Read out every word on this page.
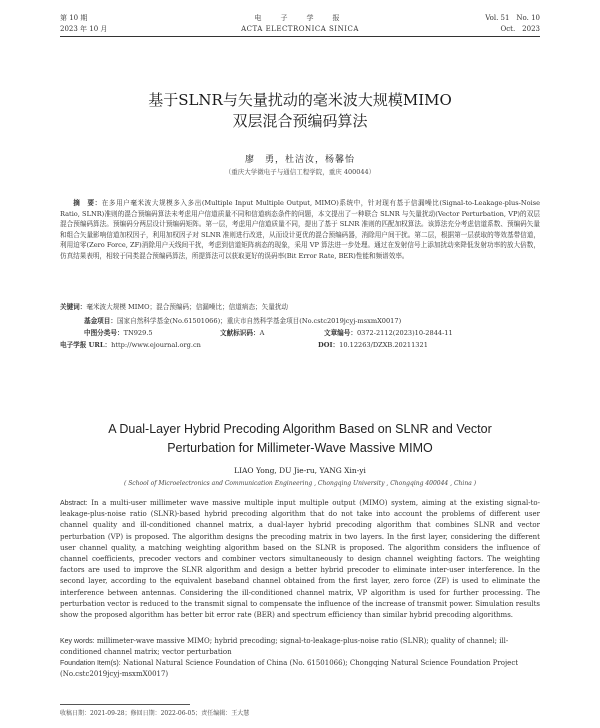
第 10 期	电　子　学　报	Vol. 51　No. 10
2023 年 10 月	ACTA ELECTRONICA SINICA	Oct.　2023
基于SLNR与矢量扰动的毫米波大规模MIMO
双层混合预编码算法
廖　勇，杜洁汝，杨馨怡
（重庆大学微电子与通信工程学院，重庆 400044）
摘　要：在多用户毫米波大规模多入多出(Multiple Input Multiple Output, MIMO)系统中，针对现有基于信漏噪比(Signal-to-Leakage-plus-Noise Ratio, SLNR)准则的混合预编码算法未考虑用户信道质量不同和信道病态条件的问题，本文提出了一种联合 SLNR 与矢量扰动(Vector Perturbation, VP)的双层混合预编码算法。预编码分两层设计预编码矩阵。第一层，考虑用户信道质量不同，提出了基于 SLNR 准则的匹配加权算法。该算法充分考虑信道系数、预编码矢量和组合矢量影响信道加权因子，利用加权因子对 SLNR 准则进行改进，从而设计更优的混合预编码器，消除用户间干扰。第二层，根据第一层获取的等效基带信道，利用迫零(Zero Force, ZF)消除用户天线间干扰，考虑到信道矩阵病态的现象，采用 VP 算法进一步处理。通过在发射信号上添加扰动来降低发射功率的放大倍数，仿真结果表明，相较于同类混合预编码算法，所提算法可以获取更好的误码率(Bit Error Rate, BER)性能和频谱效率。
关键词：毫米波大规模 MIMO；混合预编码；信漏噪比；信道病态；矢量扰动
基金项目：国家自然科学基金(No.61501066)；重庆市自然科学基金项目(No.cstc2019jcyj-msxmX0017)
中图分类号：TN929.5	文献标识码：A	文章编号：0372-2112(2023)10-2844-11
电子学报 URL：http://www.ejournal.org.cn	DOI：10.12263/DZXB.20211321
A Dual-Layer Hybrid Precoding Algorithm Based on SLNR and Vector
Perturbation for Millimeter-Wave Massive MIMO
LIAO Yong, DU Jie-ru, YANG Xin-yi
( School of Microelectronics and Communication Engineering , Chongqing University , Chongqing 400044 , China )
Abstract: In a multi-user millimeter wave massive multiple input multiple output (MIMO) system, aiming at the existing signal-to-leakage-plus-noise ratio (SLNR)-based hybrid precoding algorithm that do not take into account the problems of different user channel quality and ill-conditioned channel matrix, a dual-layer hybrid precoding algorithm that combines SLNR and vector perturbation (VP) is proposed. The algorithm designs the precoding matrix in two layers. In the first layer, considering the different user channel quality, a matching weighting algorithm based on the SLNR is proposed. The algorithm considers the influence of channel coefficients, precoder vectors and combiner vectors simultaneously to design channel weighting factors. The weighting factors are used to improve the SLNR algorithm and design a better hybrid precoder to eliminate inter-user interference. In the second layer, according to the equivalent baseband channel obtained from the first layer, zero force (ZF) is used to eliminate the interference between antennas. Considering the ill-conditioned channel matrix, VP algorithm is used for further processing. The perturbation vector is reduced to the transmit signal to compensate the influence of the increase of transmit power. Simulation results show the proposed algorithm has better bit error rate (BER) and spectrum efficiency than similar hybrid precoding algorithms.
Key words: millimeter-wave massive MIMO; hybrid precoding; signal-to-leakage-plus-noise ratio (SLNR); quality of channel; ill-conditioned channel matrix; vector perturbation
Foundation Item(s): National Natural Science Foundation of China (No. 61501066); Chongqing Natural Science Foundation Project (No.cstc2019jcyj-msxmX0017)
收稿日期：2021-09-28；修回日期：2022-06-05；责任编辑：王大慧
